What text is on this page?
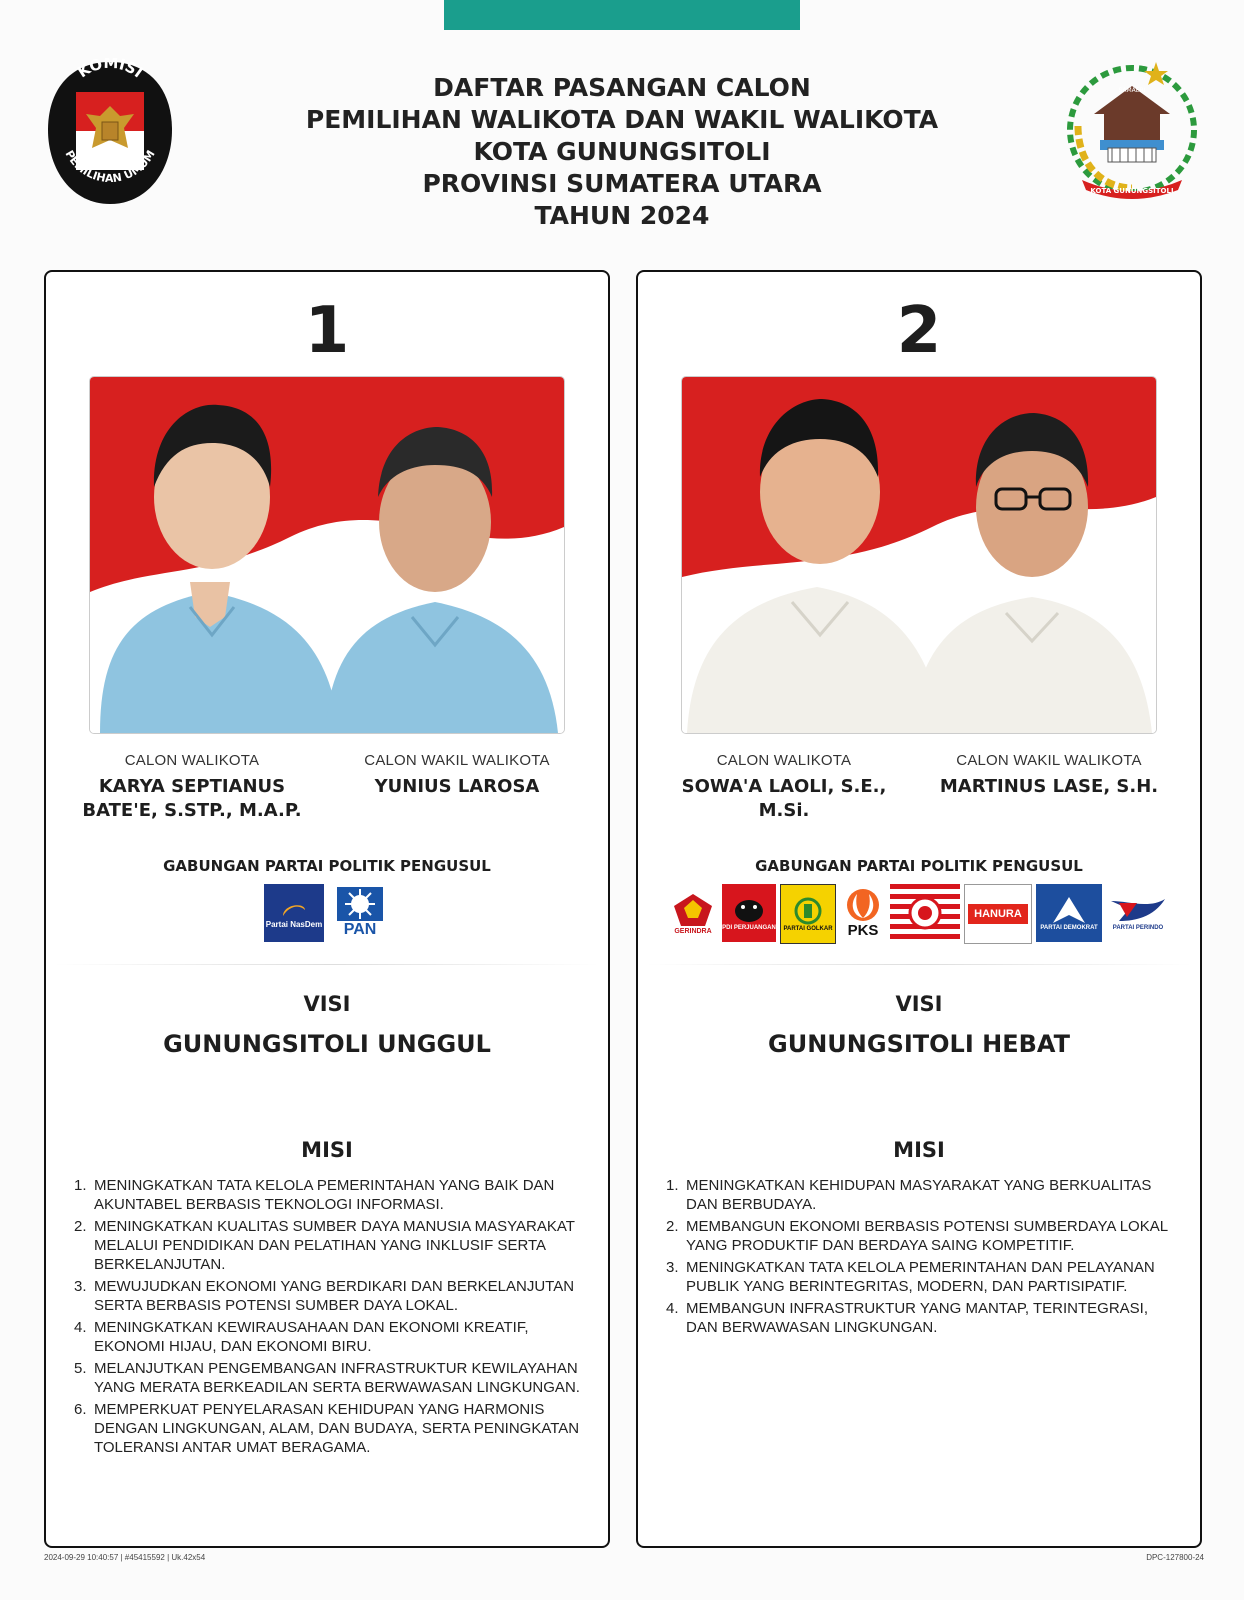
KOMISI
PEMILIHAN UMUM
SAMAERI
KOTA GUNUNGSITOLI
DAFTAR PASANGAN CALON
PEMILIHAN WALIKOTA DAN WAKIL WALIKOTA
KOTA GUNUNGSITOLI
PROVINSI SUMATERA UTARA
TAHUN 2024
1
CALON WALIKOTA
KARYA SEPTIANUS
BATE'E, S.STP., M.A.P.
CALON WAKIL WALIKOTA
YUNIUS LAROSA
GABUNGAN PARTAI POLITIK PENGUSUL
Partai NasDem PAN
VISI
GUNUNGSITOLI UNGGUL
MISI
1. MENINGKATKAN TATA KELOLA PEMERINTAHAN YANG BAIK DAN AKUNTABEL BERBASIS TEKNOLOGI INFORMASI.
2. MENINGKATKAN KUALITAS SUMBER DAYA MANUSIA MASYARAKAT MELALUI PENDIDIKAN DAN PELATIHAN YANG INKLUSIF SERTA BERKELANJUTAN.
3. MEWUJUDKAN EKONOMI YANG BERDIKARI DAN BERKELANJUTAN SERTA BERBASIS POTENSI SUMBER DAYA LOKAL.
4. MENINGKATKAN KEWIRAUSAHAAN DAN EKONOMI KREATIF, EKONOMI HIJAU, DAN EKONOMI BIRU.
5. MELANJUTKAN PENGEMBANGAN INFRASTRUKTUR KEWILAYAHAN YANG MERATA BERKEADILAN SERTA BERWAWASAN LINGKUNGAN.
6. MEMPERKUAT PENYELARASAN KEHIDUPAN YANG HARMONIS DENGAN LINGKUNGAN, ALAM, DAN BUDAYA, SERTA PENINGKATAN TOLERANSI ANTAR UMAT BERAGAMA.
2
CALON WALIKOTA
SOWA'A LAOLI, S.E., M.Si.
CALON WAKIL WALIKOTA
MARTINUS LASE, S.H.
GABUNGAN PARTAI POLITIK PENGUSUL
GERINDRA PDI PERJUANGAN PARTAI GOLKAR PKS
HANURA
PARTAI DEMOKRAT	PARTAI PERINDO
VISI
GUNUNGSITOLI HEBAT
MISI
1. MENINGKATKAN KEHIDUPAN MASYARAKAT YANG BERKUALITAS DAN BERBUDAYA.
2. MEMBANGUN EKONOMI BERBASIS POTENSI SUMBERDAYA LOKAL YANG PRODUKTIF DAN BERDAYA SAING KOMPETITIF.
3. MENINGKATKAN TATA KELOLA PEMERINTAHAN DAN PELAYANAN PUBLIK YANG BERINTEGRITAS, MODERN, DAN PARTISIPATIF.
4. MEMBANGUN INFRASTRUKTUR YANG MANTAP, TERINTEGRASI, DAN BERWAWASAN LINGKUNGAN.
2024-09-29 10:40:57 | #45415592 | Uk.42x54	DPC-127800-24
